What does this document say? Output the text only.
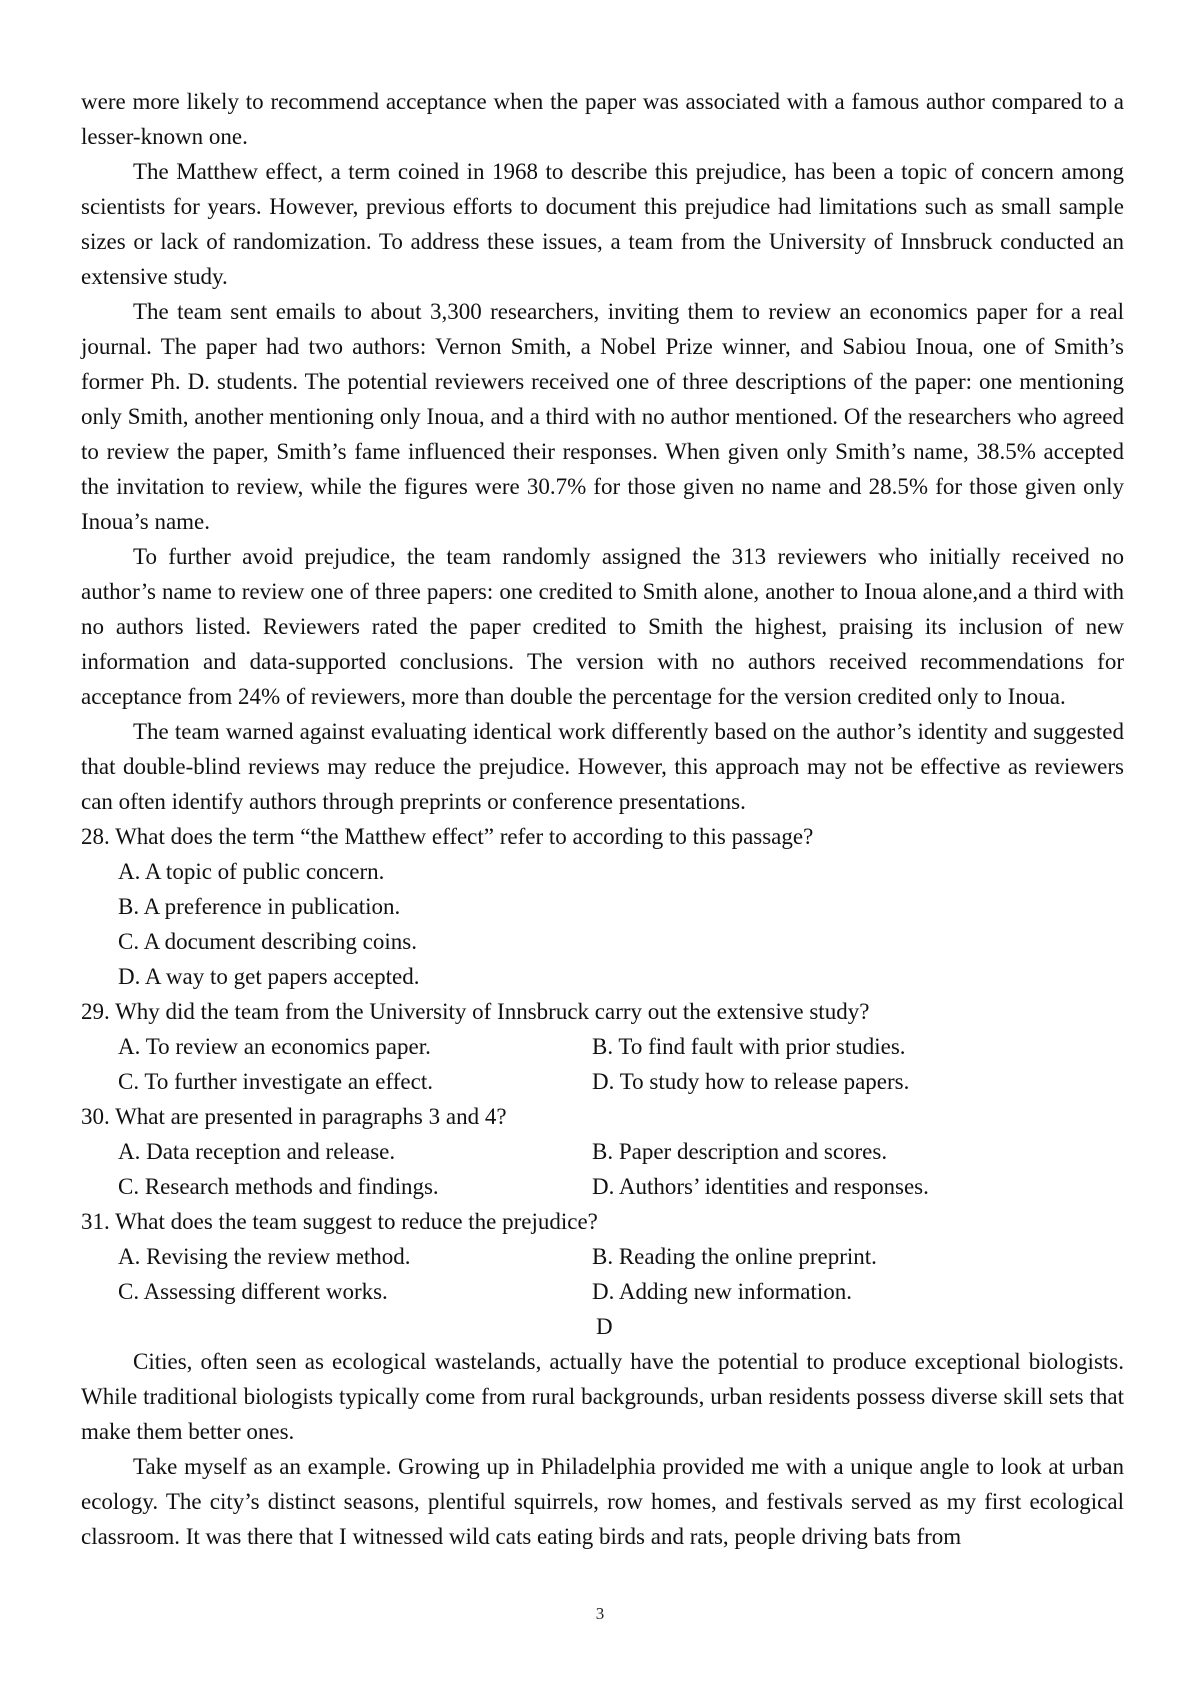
were more likely to recommend acceptance when the paper was associated with a famous author compared to a lesser-known one.

The Matthew effect, a term coined in 1968 to describe this prejudice, has been a topic of concern among scientists for years. However, previous efforts to document this prejudice had limitations such as small sample sizes or lack of randomization. To address these issues, a team from the University of Innsbruck conducted an extensive study.

The team sent emails to about 3,300 researchers, inviting them to review an economics paper for a real journal. The paper had two authors: Vernon Smith, a Nobel Prize winner, and Sabiou Inoua, one of Smith’s former Ph. D. students. The potential reviewers received one of three descriptions of the paper: one mentioning only Smith, another mentioning only Inoua, and a third with no author mentioned. Of the researchers who agreed to review the paper, Smith’s fame influenced their responses. When given only Smith’s name, 38.5% accepted the invitation to review, while the figures were 30.7% for those given no name and 28.5% for those given only Inoua’s name.

To further avoid prejudice, the team randomly assigned the 313 reviewers who initially received no author’s name to review one of three papers: one credited to Smith alone, another to Inoua alone,and a third with no authors listed. Reviewers rated the paper credited to Smith the highest, praising its inclusion of new information and data-supported conclusions. The version with no authors received recommendations for acceptance from 24% of reviewers, more than double the percentage for the version credited only to Inoua.

The team warned against evaluating identical work differently based on the author’s identity and suggested that double-blind reviews may reduce the prejudice. However, this approach may not be effective as reviewers can often identify authors through preprints or conference presentations.

28. What does the term “the Matthew effect” refer to according to this passage?

A. A topic of public concern.

B. A preference in publication.

C. A document describing coins.

D. A way to get papers accepted.

29. Why did the team from the University of Innsbruck carry out the extensive study?

A. To review an economics paper.	B. To find fault with prior studies.
C. To further investigate an effect.	D. To study how to release papers.

30. What are presented in paragraphs 3 and 4?

A. Data reception and release.	B. Paper description and scores.
C. Research methods and findings.	D. Authors’ identities and responses.

31. What does the team suggest to reduce the prejudice?

A. Revising the review method.	B. Reading the online preprint.
C. Assessing different works.	D. Adding new information.

D

Cities, often seen as ecological wastelands, actually have the potential to produce exceptional biologists. While traditional biologists typically come from rural backgrounds, urban residents possess diverse skill sets that make them better ones.

Take myself as an example. Growing up in Philadelphia provided me with a unique angle to look at urban ecology. The city’s distinct seasons, plentiful squirrels, row homes, and festivals served as my first ecological classroom. It was there that I witnessed wild cats eating birds and rats, people driving bats from

3
